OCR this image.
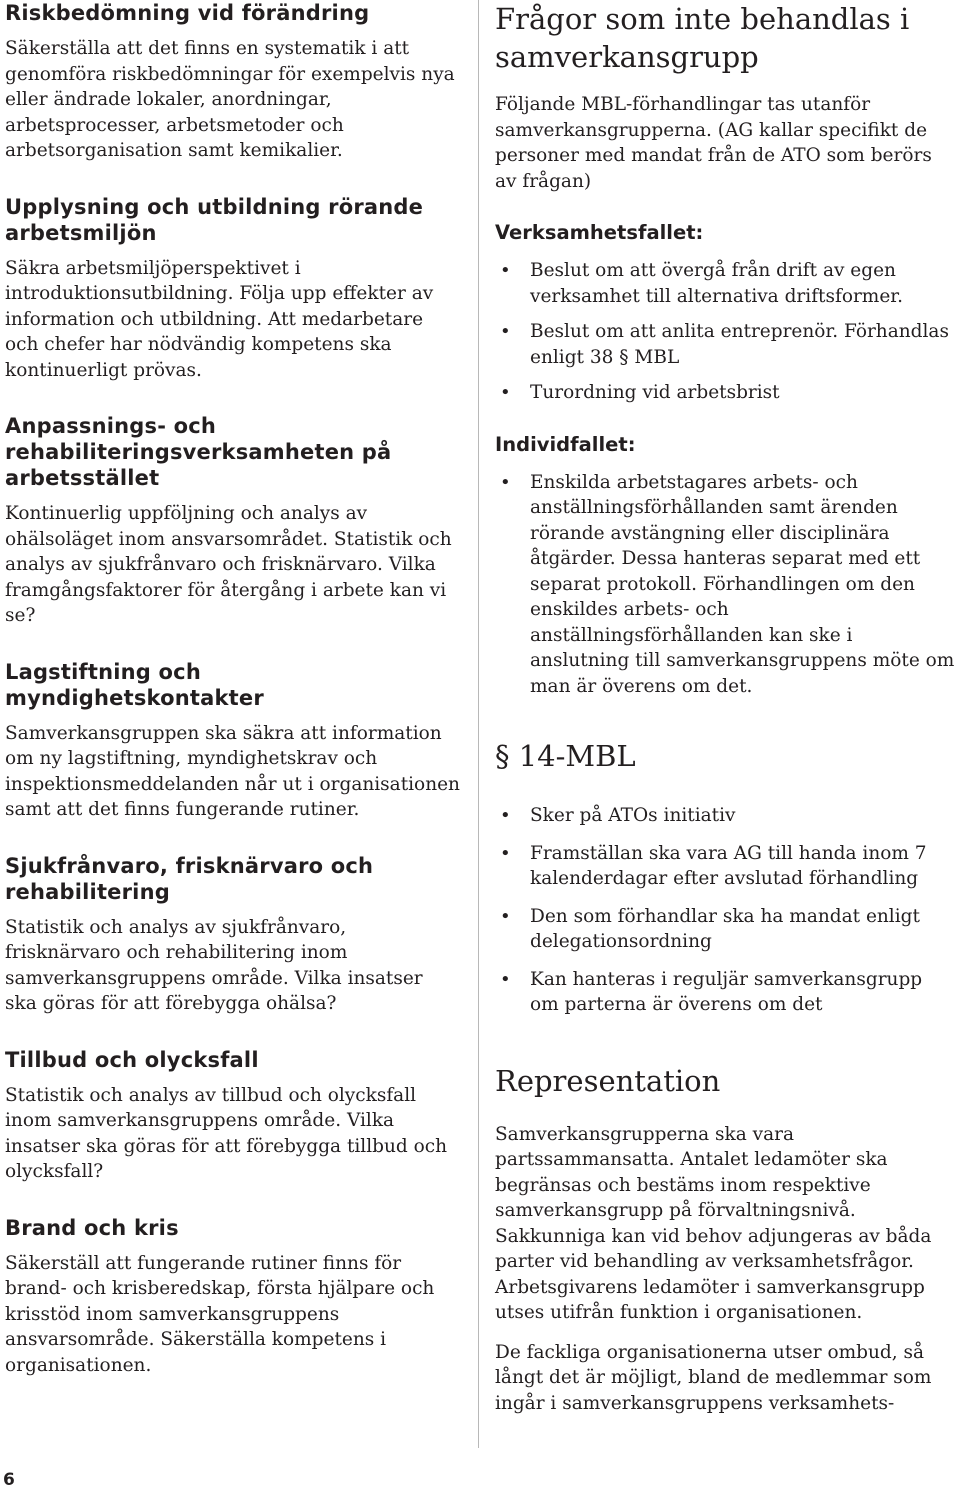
Riskbedömning vid förändring

Säkerställa att det finns en systematik i att genomföra riskbedömningar för exempelvis nya eller ändrade lokaler, anordningar, arbetsprocesser, arbetsmetoder och arbetsorganisation samt kemikalier.

Upplysning och utbildning rörande arbetsmiljön

Säkra arbetsmiljöperspektivet i introduktionsutbildning. Följa upp effekter av information och utbildning. Att medarbetare och chefer har nödvändig kompetens ska kontinuerligt prövas.

Anpassnings- och rehabiliteringsverksamheten på arbetsstället

Kontinuerlig uppföljning och analys av ohälsoläget inom ansvarsområdet. Statistik och analys av sjukfrånvaro och frisknärvaro. Vilka framgångsfaktorer för återgång i arbete kan vi se?

Lagstiftning och myndighetskontakter

Samverkansgruppen ska säkra att information om ny lagstiftning, myndighetskrav och inspektionsmeddelanden når ut i organisationen samt att det finns fungerande rutiner.

Sjukfrånvaro, frisknärvaro och rehabilitering

Statistik och analys av sjukfrånvaro, frisknärvaro och rehabilitering inom samverkansgruppens område. Vilka insatser ska göras för att förebygga ohälsa?

Tillbud och olycksfall

Statistik och analys av tillbud och olycksfall inom samverkansgruppens område. Vilka insatser ska göras för att förebygga tillbud och olycksfall?

Brand och kris

Säkerställ att fungerande rutiner finns för brand- och krisberedskap, första hjälpare och krisstöd inom samverkansgruppens ansvarsområde. Säkerställa kompetens i organisationen.

Frågor som inte behandlas i samverkansgrupp

Följande MBL-förhandlingar tas utanför samverkansgrupperna. (AG kallar specifikt de personer med mandat från de ATO som berörs av frågan)

Verksamhetsfallet:
• Beslut om att övergå från drift av egen verksamhet till alternativa driftsformer.
• Beslut om att anlita entreprenör. Förhandlas enligt 38 § MBL
• Turordning vid arbetsbrist
Individfallet:
• Enskilda arbetstagares arbets- och anställningsförhållanden samt ärenden rörande avstängning eller disciplinära åtgärder. Dessa hanteras separat med ett separat protokoll. Förhandlingen om den enskildes arbets- och anställningsförhållanden kan ske i anslutning till samverkansgruppens möte om man är överens om det.
§ 14-MBL
• Sker på ATOs initiativ
• Framställan ska vara AG till handa inom 7 kalenderdagar efter avslutad förhandling
• Den som förhandlar ska ha mandat enligt delegationsordning
• Kan hanteras i reguljär samverkansgrupp om parterna är överens om det
Representation

Samverkansgrupperna ska vara partssammansatta. Antalet ledamöter ska begränsas och bestäms inom respektive samverkansgrupp på förvaltningsnivå. Sakkunniga kan vid behov adjungeras av båda parter vid behandling av verksamhetsfrågor. Arbetsgivarens ledamöter i samverkansgrupp utses utifrån funktion i organisationen.

De fackliga organisationerna utser ombud, så långt det är möjligt, bland de medlemmar som ingår i samverkansgruppens verksamhets-

6
